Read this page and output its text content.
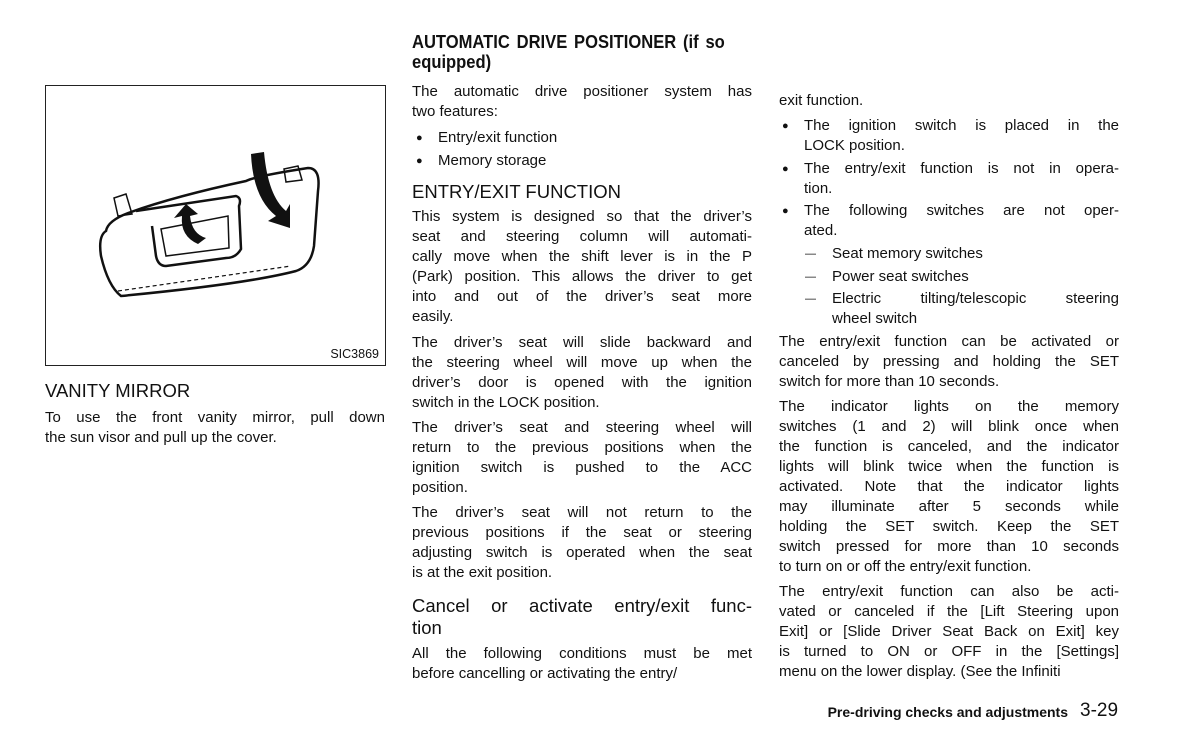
SIC3869
VANITY MIRROR
To use the front vanity mirror, pull down
the sun visor and pull up the cover.
AUTOMATIC DRIVE POSITIONER (if so
equipped)
The automatic drive positioner system has
two features:
● Entry/exit function
● Memory storage
ENTRY/EXIT FUNCTION
This system is designed so that the driver’s
seat and steering column will automati-
cally move when the shift lever is in the P
(Park) position. This allows the driver to get
into and out of the driver’s seat more
easily.
The driver’s seat will slide backward and
the steering wheel will move up when the
driver’s door is opened with the ignition
switch in the LOCK position.
The driver’s seat and steering wheel will
return to the previous positions when the
ignition switch is pushed to the ACC
position.
The driver’s seat will not return to the
previous positions if the seat or steering
adjusting switch is operated when the seat
is at the exit position.
Cancel or activate entry/exit func-
tion
All the following conditions must be met
before cancelling or activating the entry/
exit function.
● The ignition switch is placed in the
LOCK position.
● The entry/exit function is not in opera-
tion.
● The following switches are not oper-
ated.
— Seat memory switches
— Power seat switches
— Electric tilting/telescopic steering
wheel switch
The entry/exit function can be activated or
canceled by pressing and holding the SET
switch for more than 10 seconds.
The indicator lights on the memory
switches (1 and 2) will blink once when
the function is canceled, and the indicator
lights will blink twice when the function is
activated. Note that the indicator lights
may illuminate after 5 seconds while
holding the SET switch. Keep the SET
switch pressed for more than 10 seconds
to turn on or off the entry/exit function.
The entry/exit function can also be acti-
vated or canceled if the [Lift Steering upon
Exit] or [Slide Driver Seat Back on Exit] key
is turned to ON or OFF in the [Settings]
menu on the lower display. (See the Infiniti
Pre-driving checks and adjustments 3-29
